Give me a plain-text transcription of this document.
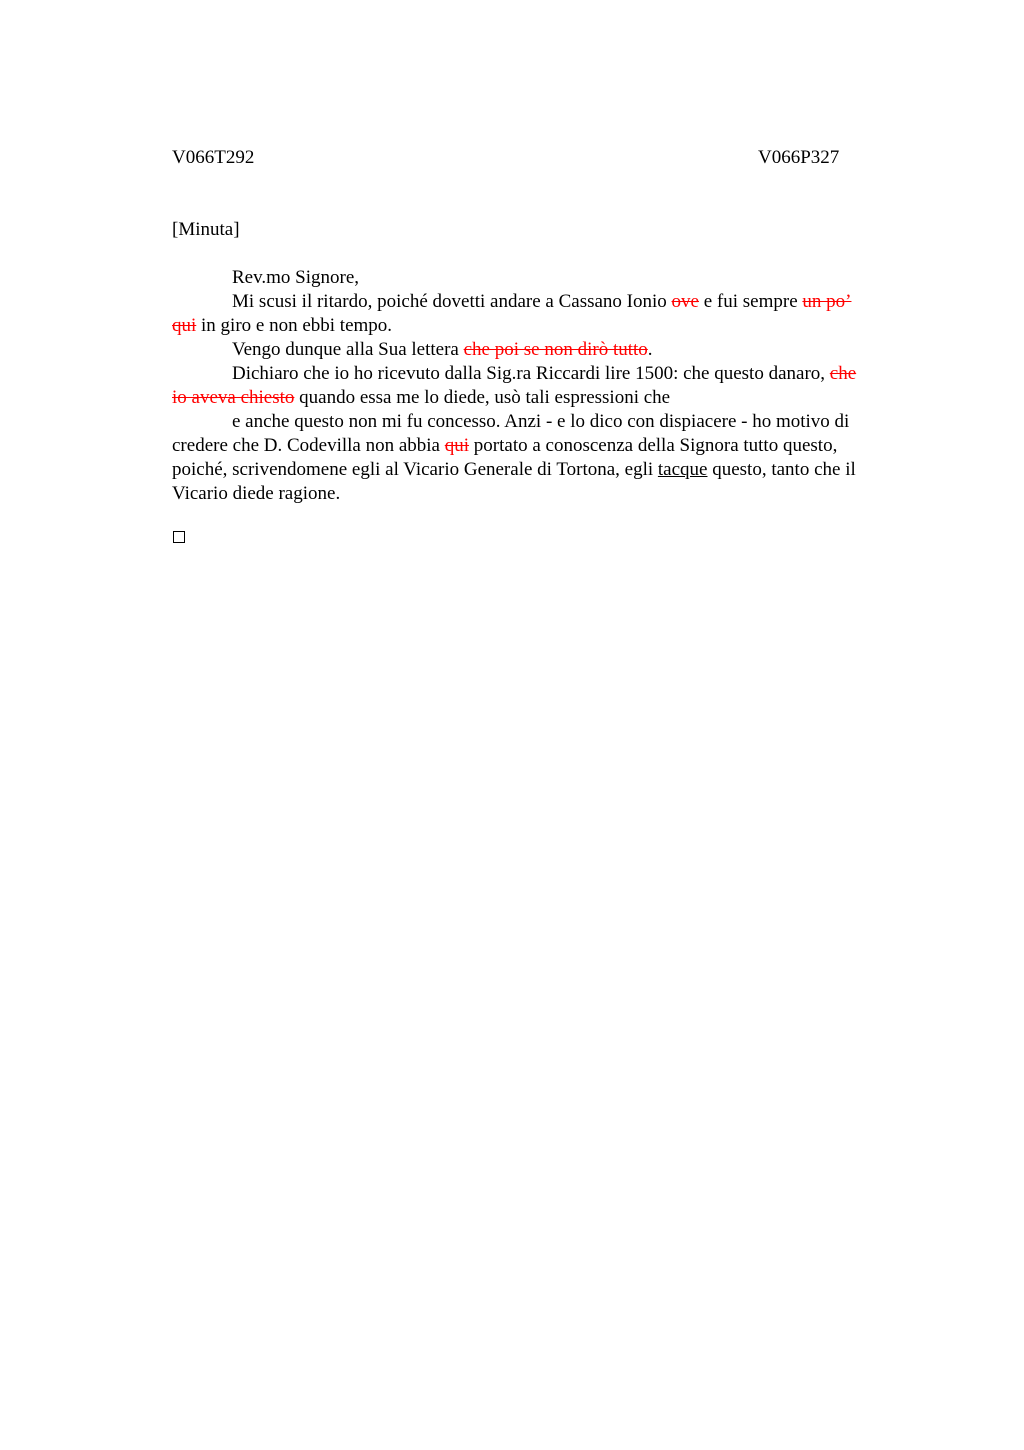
V066T292	V066P327
[Minuta]
Rev.mo Signore,
Mi scusi il ritardo, poiché dovetti andare a Cassano Ionio ove e fui sempre un po’
qui in giro e non ebbi tempo.
Vengo dunque alla Sua lettera che poi se non dirò tutto.
Dichiaro che io ho ricevuto dalla Sig.ra Riccardi lire 1500: che questo danaro, che
io aveva chiesto quando essa me lo diede, usò tali espressioni che
e anche questo non mi fu concesso. Anzi - e lo dico con dispiacere - ho motivo di
credere che D. Codevilla non abbia qui portato a conoscenza della Signora tutto questo,
poiché, scrivendomene egli al Vicario Generale di Tortona, egli tacque questo, tanto che il
Vicario diede ragione.
